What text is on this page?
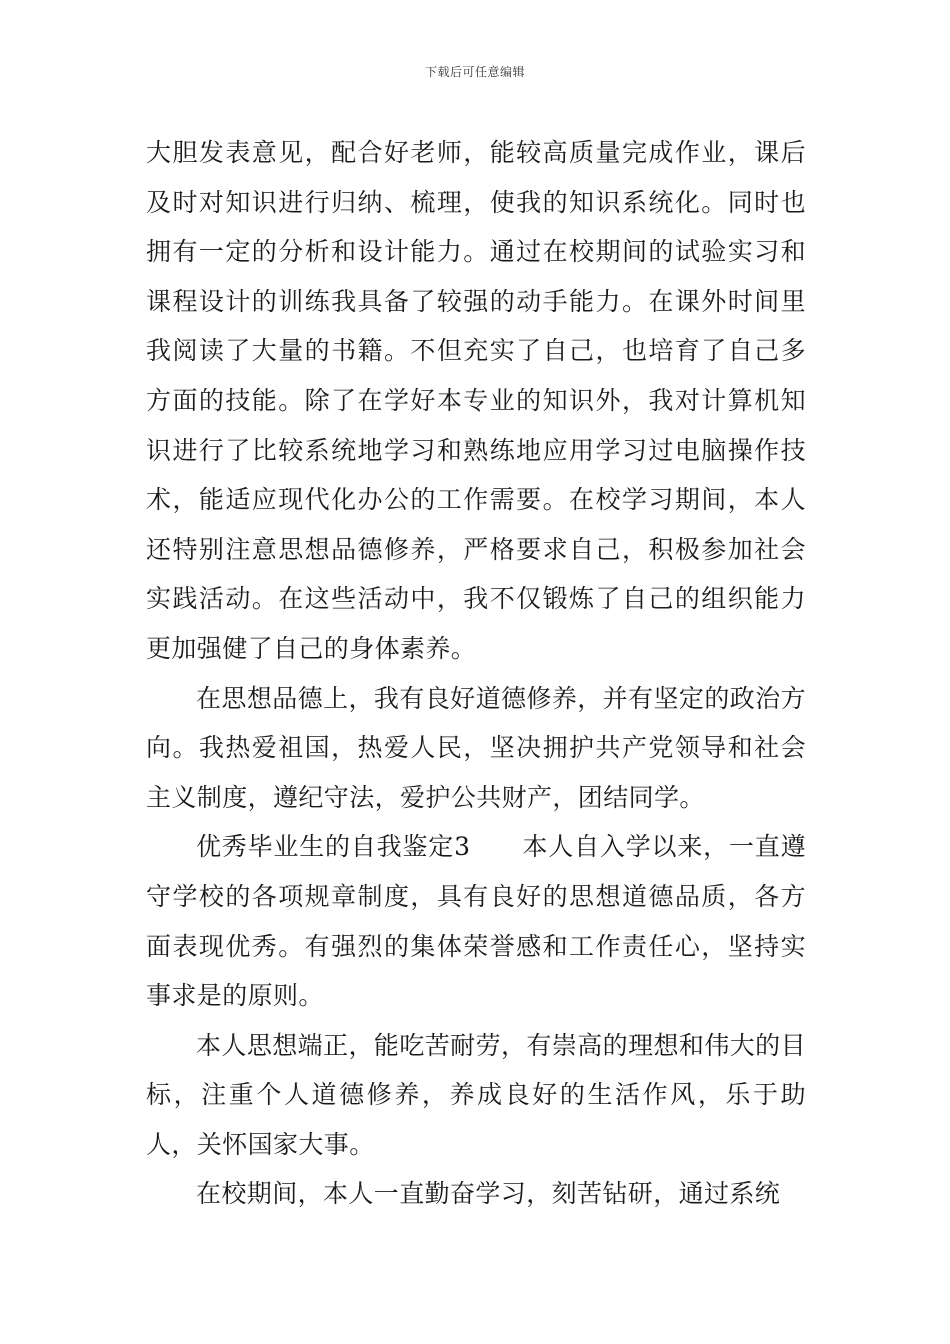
下载后可任意编辑

大胆发表意见，配合好老师，能较高质量完成作业，课后及时对知识进行归纳、梳理，使我的知识系统化。同时也拥有一定的分析和设计能力。通过在校期间的试验实习和课程设计的训练我具备了较强的动手能力。在课外时间里我阅读了大量的书籍。不但充实了自己，也培育了自己多方面的技能。除了在学好本专业的知识外，我对计算机知识进行了比较系统地学习和熟练地应用学习过电脑操作技术，能适应现代化办公的工作需要。在校学习期间，本人还特别注意思想品德修养，严格要求自己，积极参加社会实践活动。在这些活动中，我不仅锻炼了自己的组织能力更加强健了自己的身体素养。

在思想品德上，我有良好道德修养，并有坚定的政治方向。我热爱祖国，热爱人民，坚决拥护共产党领导和社会主义制度，遵纪守法，爱护公共财产，团结同学。

优秀毕业生的自我鉴定3　　本人自入学以来，一直遵守学校的各项规章制度，具有良好的思想道德品质，各方面表现优秀。有强烈的集体荣誉感和工作责任心，坚持实事求是的原则。

本人思想端正，能吃苦耐劳，有崇高的理想和伟大的目标，注重个人道德修养，养成良好的生活作风，乐于助人，关怀国家大事。

在校期间，本人一直勤奋学习，刻苦钻研，通过系统
